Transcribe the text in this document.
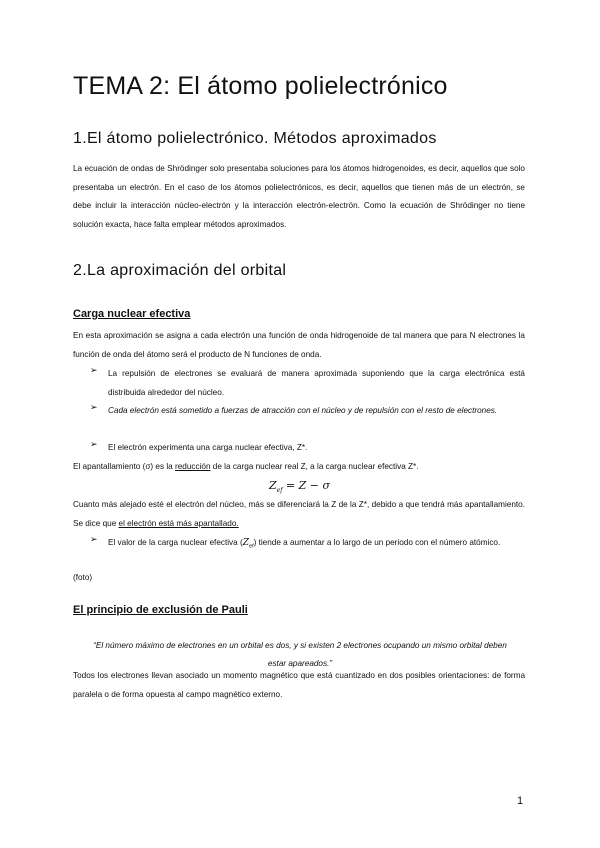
TEMA 2: El átomo polielectrónico
1.El átomo polielectrónico. Métodos aproximados
La ecuación de ondas de Shrödinger solo presentaba soluciones para los átomos hidrogenoides, es decir, aquellos que solo presentaba un electrón. En el caso de los átomos polielectrónicos, es decir, aquellos que tienen más de un electrón, se debe incluir la interacción núcleo-electrón y la interacción electrón-electrón. Como la ecuación de Shrödinger no tiene solución exacta, hace falta emplear métodos aproximados.
2.La aproximación del orbital
Carga nuclear efectiva
En esta aproximación se asigna a cada electrón una función de onda hidrogenoide de tal manera que para N electrones la función de onda del átomo será el producto de N funciones de onda.
➢ La repulsión de electrones se evaluará de manera aproximada suponiendo que la carga electrónica está distribuida alrededor del núcleo.
➢ Cada electrón está sometido a fuerzas de atracción con el núcleo y de repulsión con el resto de electrones.
➢ El electrón experimenta una carga nuclear efectiva, Z*.
El apantallamiento (σ) es la reducción de la carga nuclear real Z, a la carga nuclear efectiva Z*.
$Z_{ef} = Z - \sigma$
Cuanto más alejado esté el electrón del núcleo, más se diferenciará la Z de la Z*, debido a que tendrá más apantallamiento. Se dice que el electrón está más apantallado.
➢ El valor de la carga nuclear efectiva $(Z_{ef})$ tiende a aumentar a lo largo de un periodo con el número atómico.
(foto)
El principio de exclusión de Pauli
“El número máximo de electrones en un orbital es dos, y si existen 2 electrones ocupando un mismo orbital deben estar apareados.”
Todos los electrones llevan asociado un momento magnético que está cuantizado en dos posibles orientaciones: de forma paralela o de forma opuesta al campo magnético externo.
1
